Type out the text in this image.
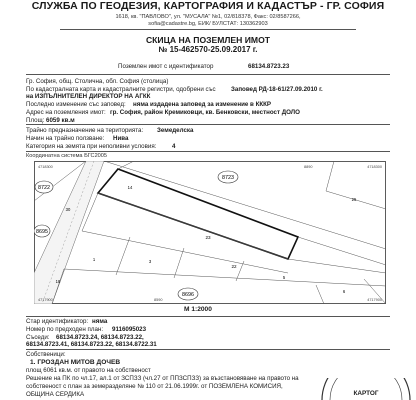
СЛУЖБА ПО ГЕОДЕЗИЯ, КАРТОГРАФИЯ И КАДАСТЪР - ГР. СОФИЯ
1618, кв. "ПАВЛОВО", ул. "МУСАЛА" №1, 02/818378, Факс: 02/8587266,
sofia@cadastre.bg, ЕИК/ БУЛСТАТ: 130362903
СКИЦА НА ПОЗЕМЛЕН ИМОТ
№ 15-462570-25.09.2017 г.
Поземлен имот с идентификатор	68134.8723.23
Гр. София, общ. Столична, обл. София (столица)
По кадастралната карта и кадастралните регистри, одобрени със Заповед РД-18-61/27.09.2010 г.
на ИЗПЪЛНИТЕЛЕН ДИРЕКТОР НА АГКК
Последно изменение със заповед: няма издадена заповед за изменение в КККР
Адрес на поземления имот: гр. София, район Кремиковци, кв. Бенковски, местност ДОЛО
Площ: 6059 кв.м
Трайно предназначение на територията: Земеделска
Начин на трайно ползване: Нива
Категория на земята при неполивни условия:	4
Координатна система БГС2005
8722
8723
8695
8696
23
22
14
25
3
5
6
1
30
18
4718300	4718300
4717900	4717900
8590
8890
М 1:2000
Стар идентификатор: няма
Номер по предходен план: 9116095023
Съседи: 68134.8723.24, 68134.8723.22,
68134.8723.41, 68134.8723.22, 68134.8722.31
Собственици:
1. ГРОЗДАН МИТОВ ДОЧЕВ
площ 6061 кв.м. от правото на собственост
Решение на ПК по чл.17, ал.1 от ЗСПЗЗ (чл.27 от ППЗСПЗЗ) за възстановяване на правото на
собственост с план за земеразделяне № 110 от 21.06.1999г. от ПОЗЕМЛЕНА КОМИСИЯ,
ОБЩИНА СЕРДИКА	КАРТОГ
